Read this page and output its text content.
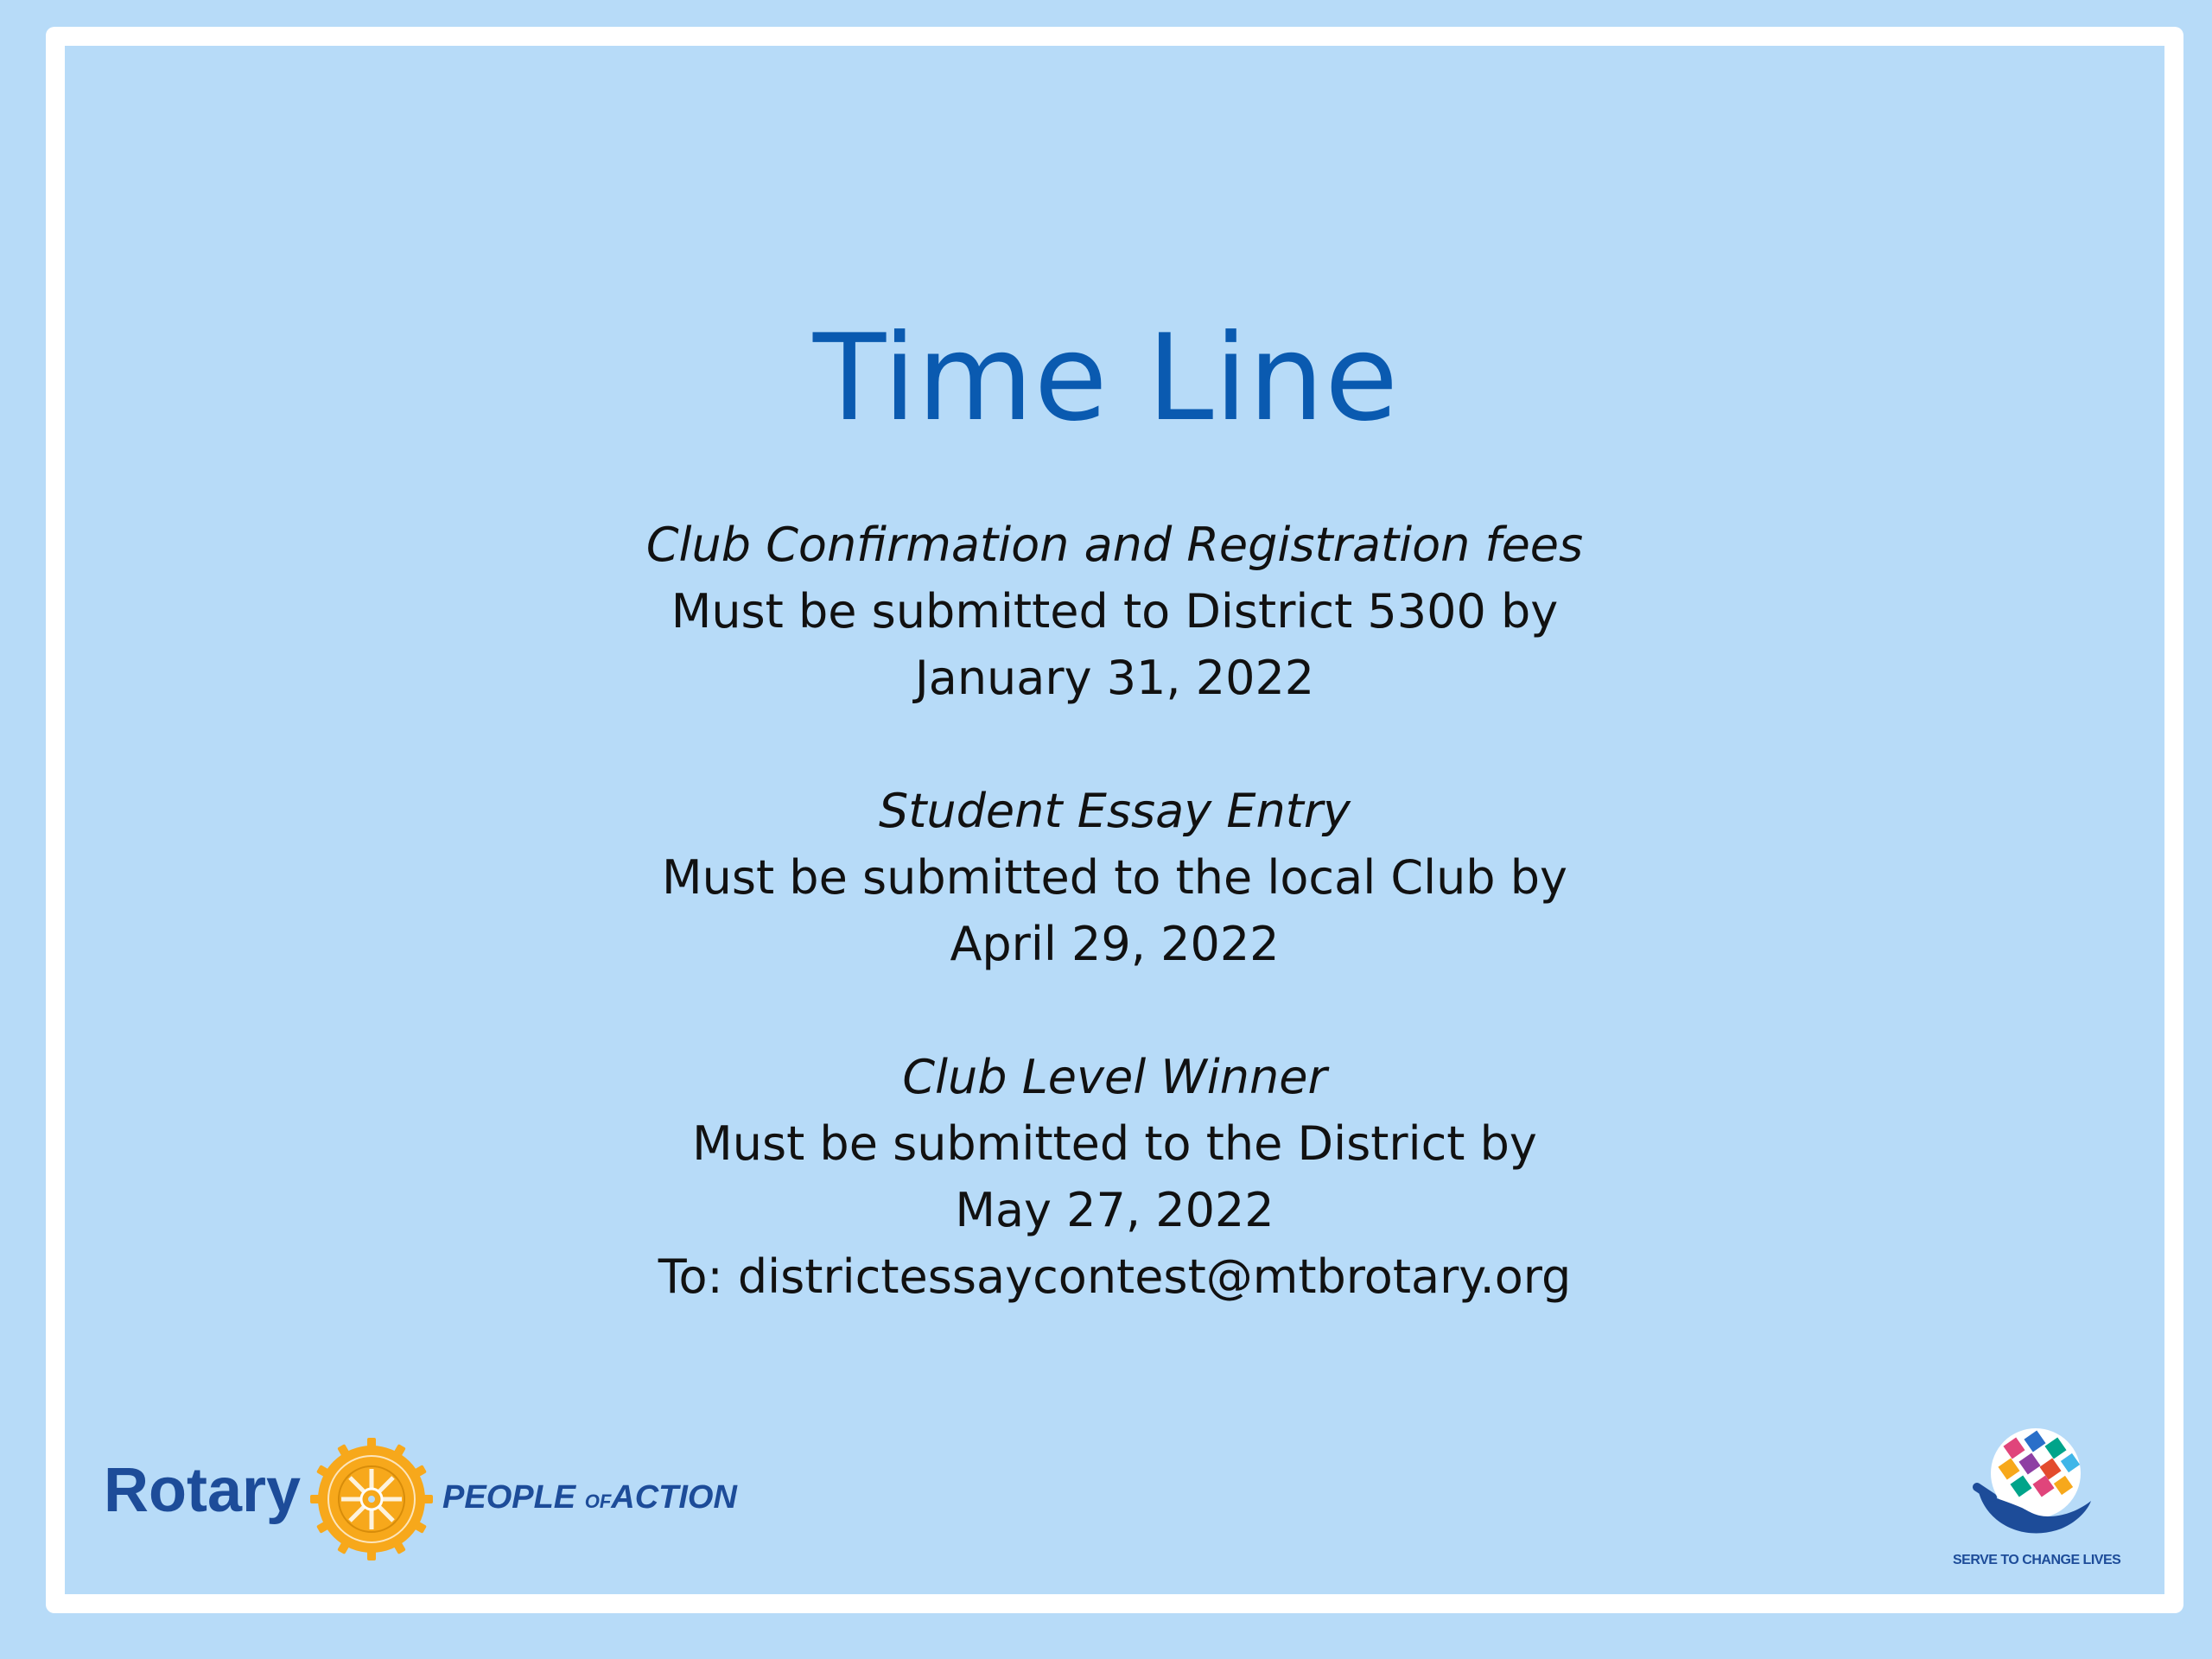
Time Line
Club Confirmation and Registration fees
Must be submitted to District 5300 by
January 31, 2022
Student Essay Entry
Must be submitted to the local Club by
April 29, 2022
Club Level Winner
Must be submitted to the District by
May 27, 2022
To: districtessaycontest@mtbrotary.org
Rotary	PEOPLE OFACTION
SERVE TO CHANGE LIVES
